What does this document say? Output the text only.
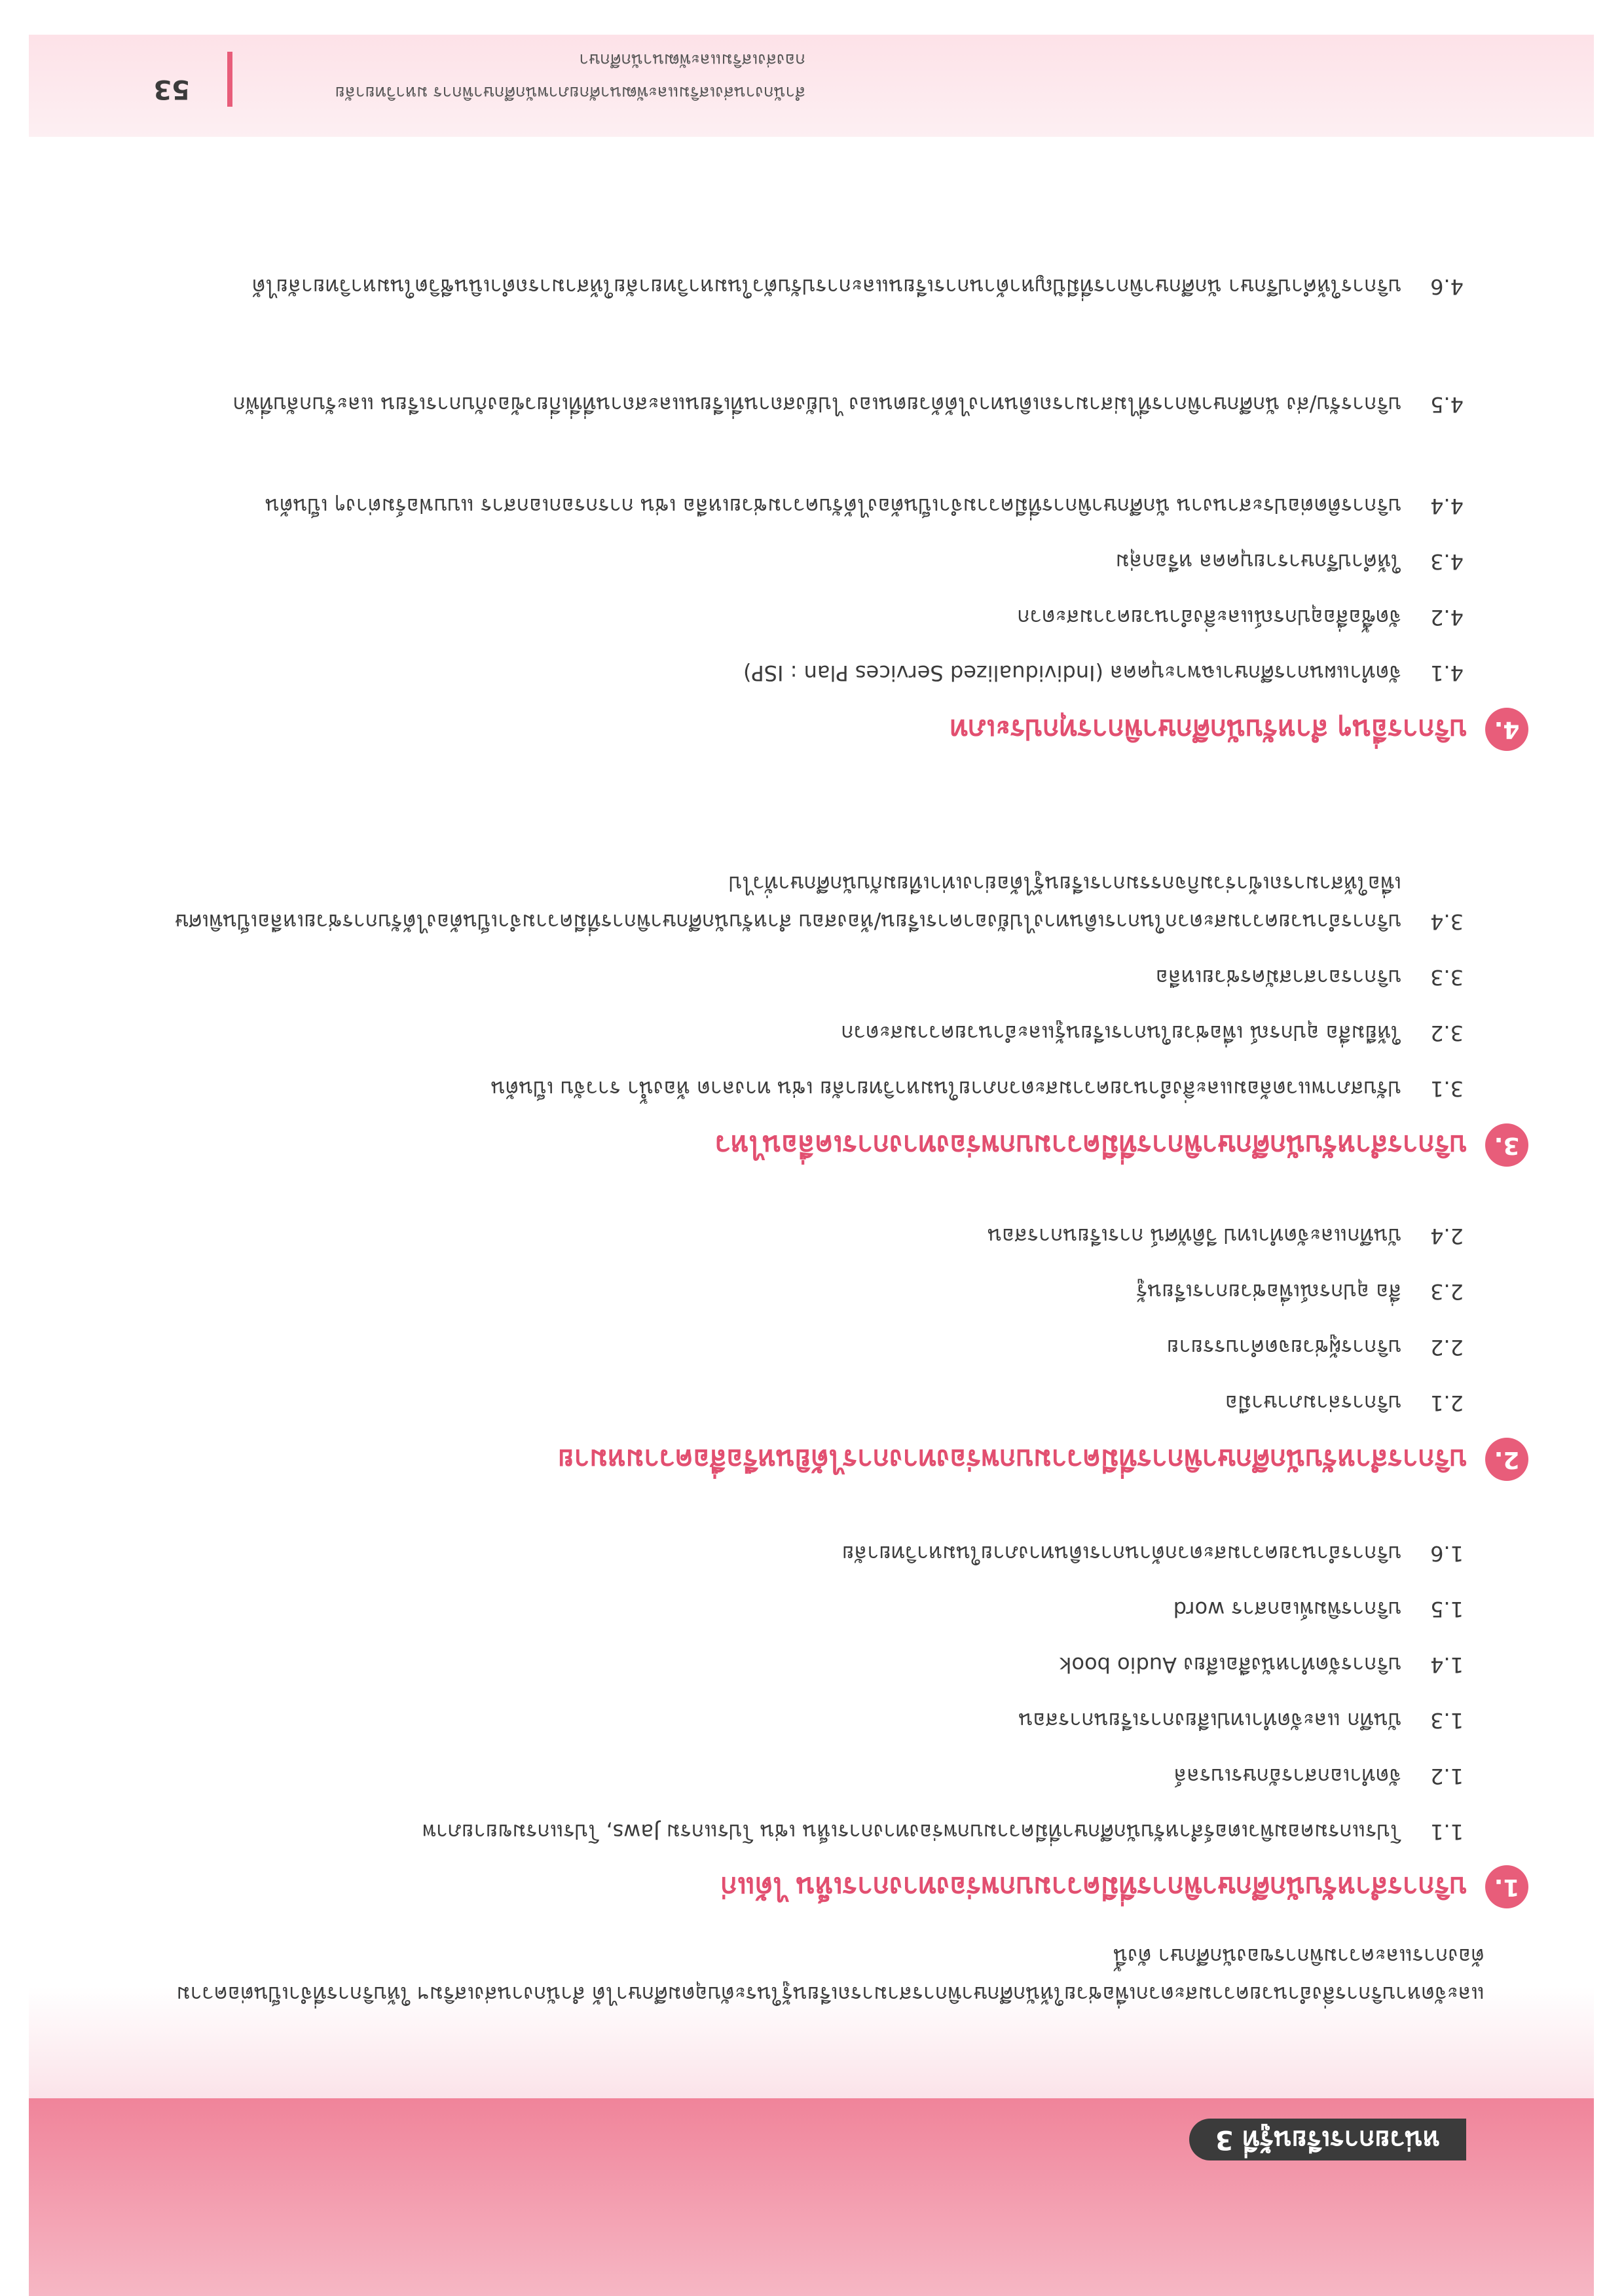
หน่วยการเรียนรู้ที่ 3
และจัดหาบริการสิ่งอำนวยความสะดวกเพื่อช่วยให้นักศึกษาพิการสามารถเรียนรู้ในระดับอุดมศึกษาได้ สำนักงานส่งเสริมฯ ให้บริการที่จำเป็นต่อความต้องการและความพิการของนักศึกษา ดังนี้
1.
บริการสำหรับนักศึกษาพิการที่มีความบกพร่องทางการเห็น ได้แก่
1.1
โปรแกรมคอมพิวเตอร์สำหรับนักศึกษาที่มีความบกพร่องทางการเห็น เช่น โปรแกรม Jaws, โปรแกรมขยายภาพ
1.2
จัดทำเอกสารอักษรเบรลล์
1.3
บันทึก และจัดทำเทปเสียงการเรียนการสอน
1.4
บริการจัดทำหนังสือเสียง Audio book
1.5
บริการพิมพ์เอกสาร word
1.6
บริการอำนวยความสะดวกด้านการเดินทางภายในมหาวิทยาลัย
2.
บริการสำหรับนักศึกษาพิการที่มีความบกพร่องทางการได้ยินหรือสื่อความหมาย
2.1
บริการล่ามภาษามือ
2.2
บริการผู้ช่วยจดคำบรรยาย
2.3
สื่อ อุปกรณ์เพื่อช่วยการเรียนรู้
2.4
บันทึกและจัดทำเทป วีดิทัศน์ การเรียนการสอน
3.
บริการสำหรับนักศึกษาพิการที่มีความบกพร่องทางการเคลื่อนไหว
3.1
ปรับสภาพแวดล้อมและสิ่งอำนวยความสะดวกภายในมหาวิทยาลัย เช่น ทางลาด ห้องน้ำ ราวจับ เป็นต้น
3.2
ให้ยืมสื่อ อุปกรณ์ เพื่อช่วยในการเรียนรู้และอำนวยความสะดวก
3.3
บริการอาสาสมัครช่วยเหลือ
3.4
บริการอำนวยความสะดวกในการเดินทางไปยังอาคารเรียน/ห้องสอบ สำหรับนักศึกษาพิการที่มีความจำเป็นต้องได้รับการช่วยเหลือเป็นพิเศษ เพื่อให้สามารถเข้าร่วมกิจกรรมการเรียนรู้ได้อย่างเท่าเทียมกับนักศึกษาทั่วไป
4.
บริการอื่นๆ สำหรับนักศึกษาพิการทุกประเภท
4.1
จัดทำแผนการศึกษาเฉพาะบุคคล (Individualized Services Plan : ISP)
4.2
จัดซื้อสื่ออุปกรณ์และสิ่งอำนวยความสะดวก
4.3
ให้คำปรึกษารายบุคคล หรือกลุ่ม
4.4
บริการติดต่อประสานงาน นักศึกษาพิการที่มีความจำเป็นต้องได้รับความช่วยเหลือ เช่น การกรอกเอกสาร แบบฟอร์มต่างๆ เป็นต้น
4.5
บริการรับ/ส่ง นักศึกษาพิการที่ไม่สามารถเดินทางได้ด้วยตนเอง ไปยังสถานที่เรียนและสถานที่ที่เกี่ยวข้องกับการเรียน และรับกลับที่พัก
4.6
บริการให้คำปรึกษา นักศึกษาพิการที่มีปัญหาด้านการเรียนและการปรับตัวในมหาวิทยาลัยให้สามารถดำเนินชีวิตในมหาวิทยาลัยได้
สำนักงานส่งเสริมและพัฒนาศักยภาพนักศึกษาพิการ มหาวิทยาลัย
กองส่งเสริมและพัฒนานักศึกษา
53
